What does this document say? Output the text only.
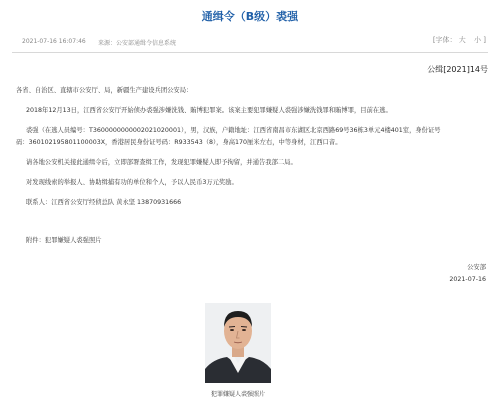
通缉令（B级）裘强
2021-07-16 16:07:46 来源：公安部通缉令信息系统	[字体： 大 小 ]
公缉[2021]14号
各省、自治区、直辖市公安厅、局，新疆生产建设兵团公安局：
2018年12月13日，江西省公安厅开始侦办裘强涉嫌洗钱、賄博犯罪案。该案主要犯罪嫌疑人裘强涉嫌洗钱罪和賄博罪，目前在逃。
裘强（在逃人员编号：T3600000000002021020001），男，汉族，户籍地址：江西省南昌市东湖区北京西路69号36栋3单元4楼401室，身份证号
码：360102195801100003X，香港居民身份证号码：R933543（8），身高170厘米左右，中等身材，江西口音。
请各地公安机关接此通缉令后，立即部署查缉工作，发现犯罪嫌疑人即予拘留，并通告我部二局。
对发现线索的举报人、协助缉捕有功的单位和个人，予以人民币3万元奖励。
联系人：江西省公安厅经侦总队 黄永坚 13870931666
附件：犯罪嫌疑人裘强照片
公安部
2021-07-16
犯罪嫌疑人裘强照片
